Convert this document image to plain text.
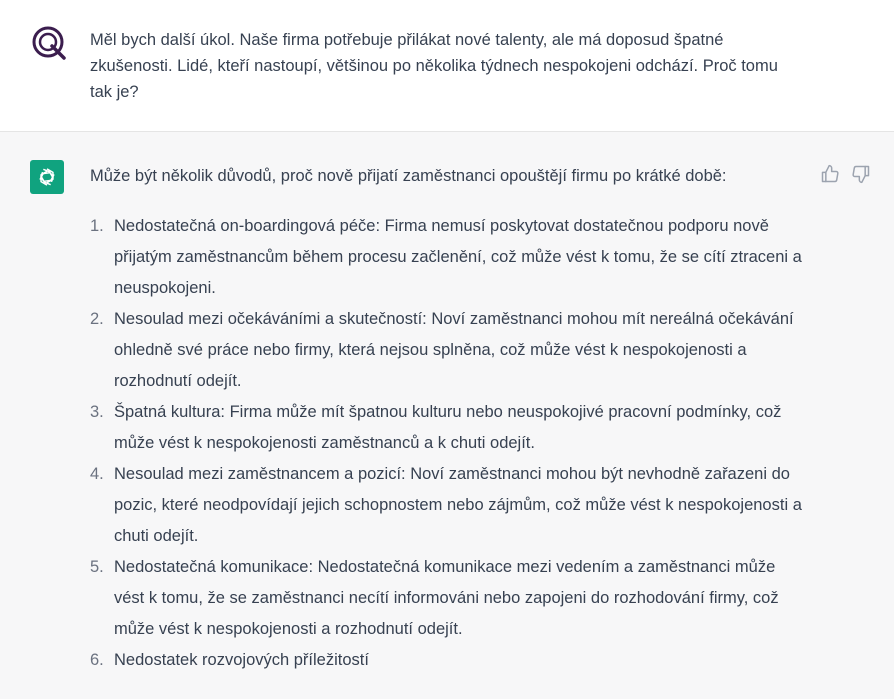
Měl bych další úkol. Naše firma potřebuje přilákat nové talenty, ale má doposud špatné zkušenosti. Lidé, kteří nastoupí, většinou po několika týdnech nespokojeni odchází. Proč tomu tak je?

Může být několik důvodů, proč nově přijatí zaměstnanci opouštějí firmu po krátké době:

1. Nedostatečná on-boardingová péče: Firma nemusí poskytovat dostatečnou podporu nově přijatým zaměstnancům během procesu začlenění, což může vést k tomu, že se cítí ztraceni a neuspokojeni.
2. Nesoulad mezi očekáváními a skutečností: Noví zaměstnanci mohou mít nereálná očekávání ohledně své práce nebo firmy, která nejsou splněna, což může vést k nespokojenosti a rozhodnutí odejít.
3. Špatná kultura: Firma může mít špatnou kulturu nebo neuspokojivé pracovní podmínky, což může vést k nespokojenosti zaměstnanců a k chuti odejít.
4. Nesoulad mezi zaměstnancem a pozicí: Noví zaměstnanci mohou být nevhodně zařazeni do pozic, které neodpovídají jejich schopnostem nebo zájmům, což může vést k nespokojenosti a chuti odejít.
5. Nedostatečná komunikace: Nedostatečná komunikace mezi vedením a zaměstnanci může vést k tomu, že se zaměstnanci necítí informováni nebo zapojeni do rozhodování firmy, což může vést k nespokojenosti a rozhodnutí odejít.
6. Nedostatek rozvojových příležitostí
